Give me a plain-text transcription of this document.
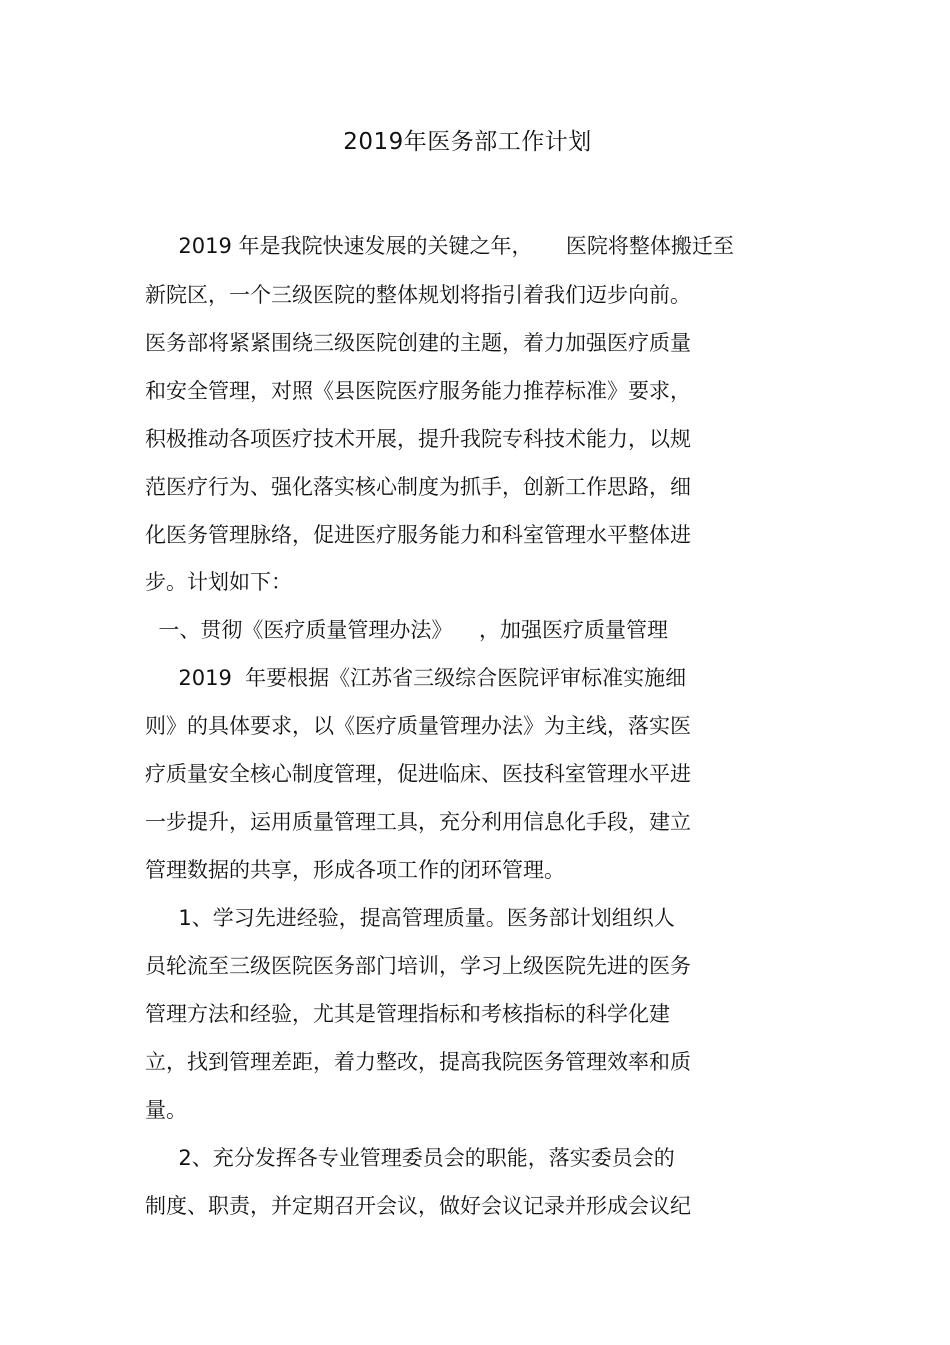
2019年医务部工作计划
2019 年是我院快速发展的关键之年，     医院将整体搬迁至
新院区，一个三级医院的整体规划将指引着我们迈步向前。
医务部将紧紧围绕三级医院创建的主题，着力加强医疗质量
和安全管理，对照《县医院医疗服务能力推荐标准》要求，
积极推动各项医疗技术开展，提升我院专科技术能力，以规
范医疗行为、强化落实核心制度为抓手，创新工作思路，细
化医务管理脉络，促进医疗服务能力和科室管理水平整体进
步。计划如下：
一、贯彻《医疗质量管理办法》    ，加强医疗质量管理
2019  年要根据《江苏省三级综合医院评审标准实施细
则》的具体要求，以《医疗质量管理办法》为主线，落实医
疗质量安全核心制度管理，促进临床、医技科室管理水平进
一步提升，运用质量管理工具，充分利用信息化手段，建立
管理数据的共享，形成各项工作的闭环管理。
1、学习先进经验，提高管理质量。医务部计划组织人
员轮流至三级医院医务部门培训，学习上级医院先进的医务
管理方法和经验，尤其是管理指标和考核指标的科学化建
立，找到管理差距，着力整改，提高我院医务管理效率和质
量。
2、充分发挥各专业管理委员会的职能，落实委员会的
制度、职责，并定期召开会议，做好会议记录并形成会议纪
